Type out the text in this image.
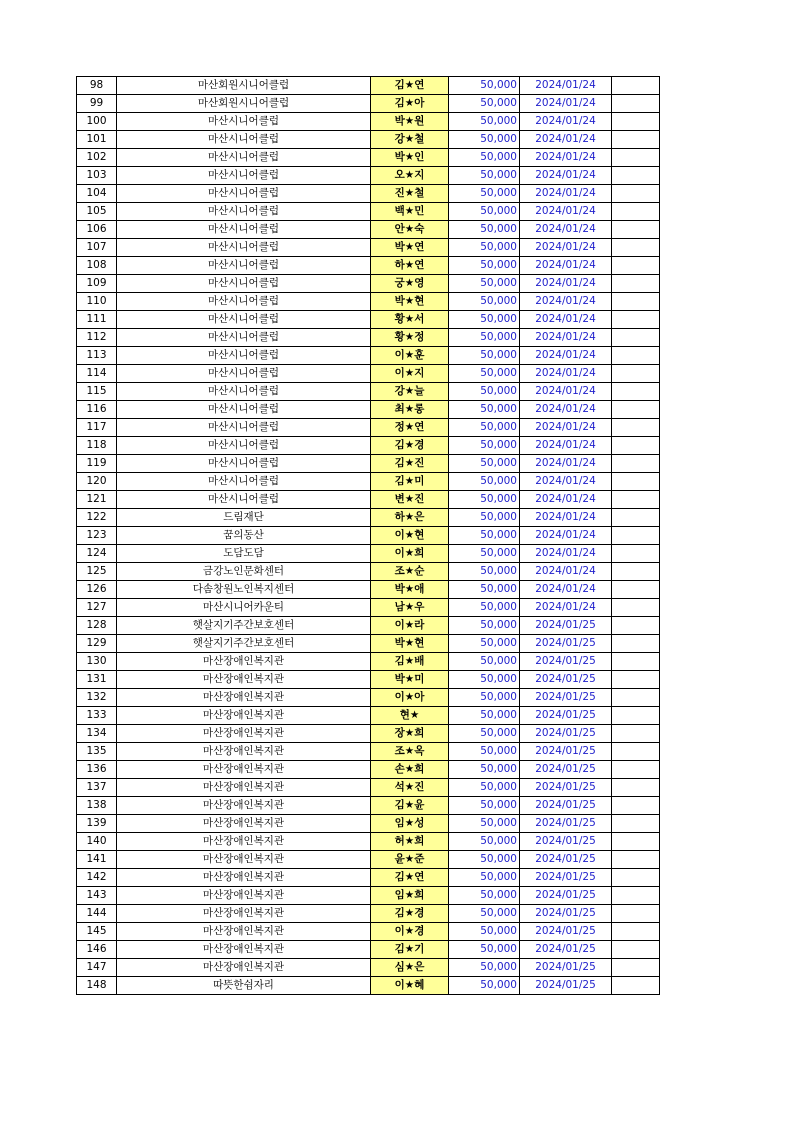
98	마산회원시니어클럽	김★연	50,000	2024/01/24	
99	마산회원시니어클럽	김★아	50,000	2024/01/24	
100	마산시니어클럽	박★원	50,000	2024/01/24	
101	마산시니어클럽	강★철	50,000	2024/01/24	
102	마산시니어클럽	박★인	50,000	2024/01/24	
103	마산시니어클럽	오★지	50,000	2024/01/24	
104	마산시니어클럽	진★철	50,000	2024/01/24	
105	마산시니어클럽	백★민	50,000	2024/01/24	
106	마산시니어클럽	안★숙	50,000	2024/01/24	
107	마산시니어클럽	박★연	50,000	2024/01/24	
108	마산시니어클럽	하★연	50,000	2024/01/24	
109	마산시니어클럽	궁★영	50,000	2024/01/24	
110	마산시니어클럽	박★현	50,000	2024/01/24	
111	마산시니어클럽	황★서	50,000	2024/01/24	
112	마산시니어클럽	황★정	50,000	2024/01/24	
113	마산시니어클럽	이★훈	50,000	2024/01/24	
114	마산시니어클럽	이★지	50,000	2024/01/24	
115	마산시니어클럽	강★늘	50,000	2024/01/24	
116	마산시니어클럽	최★롱	50,000	2024/01/24	
117	마산시니어클럽	정★연	50,000	2024/01/24	
118	마산시니어클럽	김★경	50,000	2024/01/24	
119	마산시니어클럽	김★진	50,000	2024/01/24	
120	마산시니어클럽	김★미	50,000	2024/01/24	
121	마산시니어클럽	변★진	50,000	2024/01/24	
122	드림재단	하★은	50,000	2024/01/24	
123	꿈의동산	이★현	50,000	2024/01/24	
124	도담도담	이★희	50,000	2024/01/24	
125	금강노인문화센터	조★순	50,000	2024/01/24	
126	다솜창원노인복지센터	박★애	50,000	2024/01/24	
127	마산시니어카운티	남★우	50,000	2024/01/24	
128	햇살지기주간보호센터	이★라	50,000	2024/01/25	
129	햇살지기주간보호센터	박★현	50,000	2024/01/25	
130	마산장애인복지관	김★배	50,000	2024/01/25	
131	마산장애인복지관	박★미	50,000	2024/01/25	
132	마산장애인복지관	이★아	50,000	2024/01/25	
133	마산장애인복지관	현★	50,000	2024/01/25	
134	마산장애인복지관	장★희	50,000	2024/01/25	
135	마산장애인복지관	조★옥	50,000	2024/01/25	
136	마산장애인복지관	손★희	50,000	2024/01/25	
137	마산장애인복지관	석★진	50,000	2024/01/25	
138	마산장애인복지관	김★윤	50,000	2024/01/25	
139	마산장애인복지관	임★성	50,000	2024/01/25	
140	마산장애인복지관	허★희	50,000	2024/01/25	
141	마산장애인복지관	윤★준	50,000	2024/01/25	
142	마산장애인복지관	김★연	50,000	2024/01/25	
143	마산장애인복지관	임★희	50,000	2024/01/25	
144	마산장애인복지관	김★경	50,000	2024/01/25	
145	마산장애인복지관	이★경	50,000	2024/01/25	
146	마산장애인복지관	김★기	50,000	2024/01/25	
147	마산장애인복지관	심★은	50,000	2024/01/25	
148	따뜻한쉼자리	이★혜	50,000	2024/01/25	
